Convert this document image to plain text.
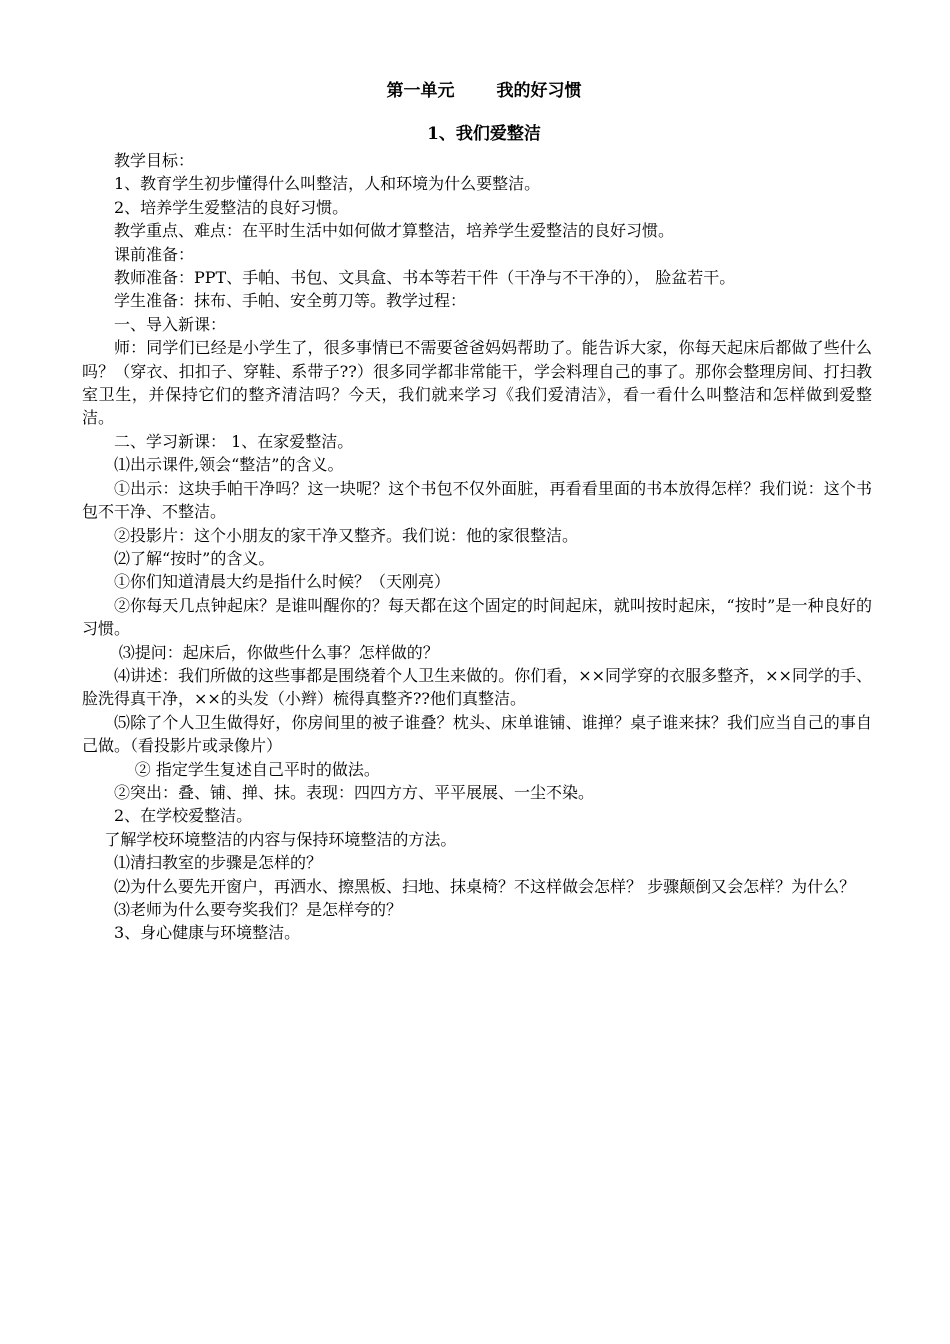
第一单元 我的好习惯
1、我们爱整洁

教学目标：

1、教育学生初步懂得什么叫整洁，人和环境为什么要整洁。

2、培养学生爱整洁的良好习惯。

教学重点、难点：在平时生活中如何做才算整洁，培养学生爱整洁的良好习惯。

课前准备：

教师准备：PPT、手帕、书包、文具盒、书本等若干件（干净与不干净的）， 脸盆若干。

学生准备：抹布、手帕、安全剪刀等。教学过程：

一、导入新课：

师：同学们已经是小学生了，很多事情已不需要爸爸妈妈帮助了。能告诉大家，你每天起床后都做了些什么吗？（穿衣、扣扣子、穿鞋、系带子??）很多同学都非常能干，学会料理自己的事了。那你会整理房间、打扫教室卫生，并保持它们的整齐清洁吗？今天，我们就来学习《我们爱清洁》，看一看什么叫整洁和怎样做到爱整洁。

二、学习新课： 1、在家爱整洁。

⑴出示课件,领会“整洁”的含义。

①出示：这块手帕干净吗？这一块呢？这个书包不仅外面脏，再看看里面的书本放得怎样？我们说：这个书包不干净、不整洁。

②投影片：这个小朋友的家干净又整齐。我们说：他的家很整洁。

⑵了解“按时”的含义。

①你们知道清晨大约是指什么时候？（天刚亮）

②你每天几点钟起床？是谁叫醒你的？每天都在这个固定的时间起床，就叫按时起床，“按时”是一种良好的习惯。

⑶提问：起床后，你做些什么事？怎样做的？

⑷讲述：我们所做的这些事都是围绕着个人卫生来做的。你们看，××同学穿的衣服多整齐，××同学的手、脸洗得真干净，××的头发（小辫）梳得真整齐??他们真整洁。

⑸除了个人卫生做得好，你房间里的被子谁叠？枕头、床单谁铺、谁掸？桌子谁来抹？我们应当自己的事自己做。（看投影片或录像片）

② 指定学生复述自己平时的做法。

②突出：叠、铺、掸、抹。表现：四四方方、平平展展、一尘不染。

2、在学校爱整洁。

了解学校环境整洁的内容与保持环境整洁的方法。

⑴清扫教室的步骤是怎样的？

⑵为什么要先开窗户，再洒水、擦黑板、扫地、抹桌椅？不这样做会怎样？ 步骤颠倒又会怎样？为什么？

⑶老师为什么要夸奖我们？是怎样夸的？

3、身心健康与环境整洁。
